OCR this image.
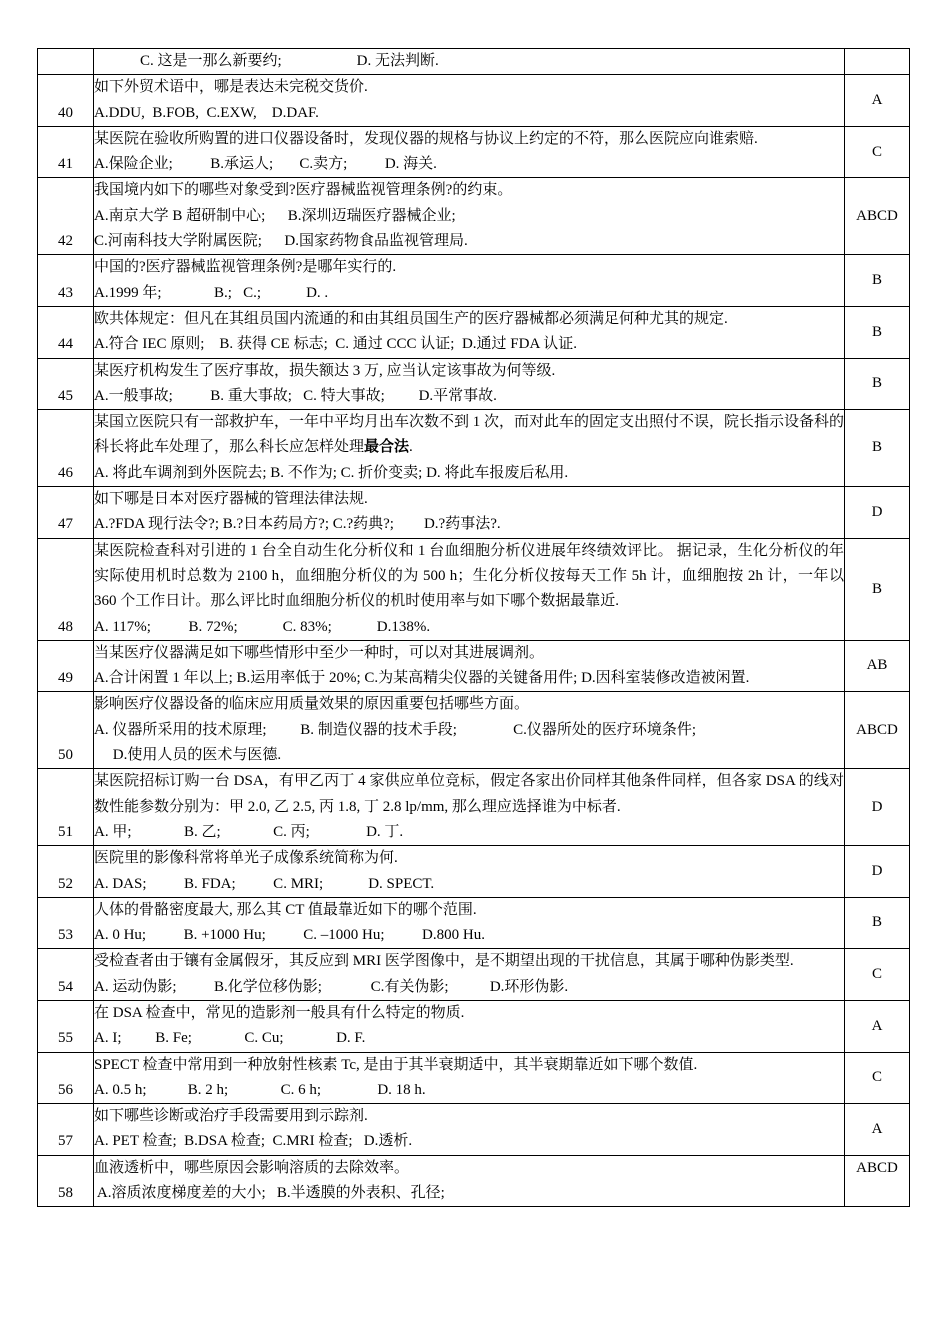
	C. 这是一那么新要约;                    D. 无法判断.	

40	如下外贸术语中，哪是表达未完税交货价.
A.DDU,  B.FOB,  C.EXW,    D.DAF.	A
41	某医院在验收所购置的进口仪器设备时，发现仪器的规格与协议上约定的不符，那么医院应向谁索赔.
A.保险企业;          B.承运人;       C.卖方;          D. 海关.	C
42	我国境内如下的哪些对象受到?医疗器械监视管理条例?的约束。
A.南京大学 B 超研制中心;      B.深圳迈瑞医疗器械企业;
C.河南科技大学附属医院;      D.国家药物食品监视管理局.	ABCD
43	中国的?医疗器械监视管理条例?是哪年实行的.
A.1999 年;              B.;   C.;            D. .	B
44	欧共体规定：但凡在其组员国内流通的和由其组员国生产的医疗器械都必须满足何种尤其的规定.
A.符合 IEC 原则;    B. 获得 CE 标志;  C. 通过 CCC 认证;  D.通过 FDA 认证.	B
45	某医疗机构发生了医疗事故，损失额达 3 万, 应当认定该事故为何等级.
A.一般事故;          B. 重大事故;   C. 特大事故;         D.平常事故.	B
46	某国立医院只有一部救护车，一年中平均月出车次数不到 1 次，而对此车的固定支出照付不误，院长指示设备科的科长将此车处理了，那么科长应怎样处理最合法.
A. 将此车调剂到外医院去; B. 不作为; C. 折价变卖; D. 将此车报废后私用.	B
47	如下哪是日本对医疗器械的管理法律法规.
A.?FDA 现行法令?; B.?日本药局方?; C.?药典?;        D.?药事法?.	D
48	某医院检查科对引进的 1 台全自动生化分析仪和 1 台血细胞分析仪进展年终绩效评比。 据记录，生化分析仪的年实际使用机时总数为 2100 h，血细胞分析仪的为 500 h；生化分析仪按每天工作 5h 计，血细胞按 2h 计，一年以 360 个工作日计。那么评比时血细胞分析仪的机时使用率与如下哪个数据最靠近.
A. 117%;          B. 72%;            C. 83%;            D.138%.	B
49	当某医疗仪器满足如下哪些情形中至少一种时，可以对其进展调剂。
A.合计闲置 1 年以上; B.运用率低于 20%; C.为某高精尖仪器的关键备用件; D.因科室装修改造被闲置.	AB
50	影响医疗仪器设备的临床应用质量效果的原因重要包括哪些方面。
A. 仪器所采用的技术原理;         B. 制造仪器的技术手段;               C.仪器所处的医疗环境条件;
D.使用人员的医术与医德.	ABCD
51	某医院招标订购一台 DSA，有甲乙丙丁 4 家供应单位竞标，假定各家出价同样其他条件同样，但各家 DSA 的线对数性能参数分别为：甲 2.0, 乙 2.5, 丙 1.8, 丁 2.8 lp/mm, 那么理应选择谁为中标者.
A. 甲;              B. 乙;              C. 丙;               D. 丁.	D
52	医院里的影像科常将单光子成像系统简称为何.
A. DAS;          B. FDA;          C. MRI;            D. SPECT.	D
53	人体的骨骼密度最大, 那么其 CT 值最靠近如下的哪个范围.
A. 0 Hu;          B. +1000 Hu;          C. –1000 Hu;          D.800 Hu.	B
54	受检查者由于镶有金属假牙，其反应到 MRI 医学图像中，是不期望出现的干扰信息，其属于哪种伪影类型.
A. 运动伪影;          B.化学位移伪影;             C.有关伪影;           D.环形伪影.	C
55	在 DSA 检查中，常见的造影剂一般具有什么特定的物质.
A. I;         B. Fe;              C. Cu;              D. F.	A
56	SPECT 检查中常用到一种放射性核素 Tc, 是由于其半衰期适中，其半衰期靠近如下哪个数值.
A. 0.5 h;           B. 2 h;              C. 6 h;               D. 18 h.	C
57	如下哪些诊断或治疗手段需要用到示踪剂.
A. PET 检查;  B.DSA 检查;  C.MRI 检查;   D.透析.	A
58	血液透析中，哪些原因会影响溶质的去除效率。
A.溶质浓度梯度差的大小;   B.半透膜的外表积、孔径;	ABCD
